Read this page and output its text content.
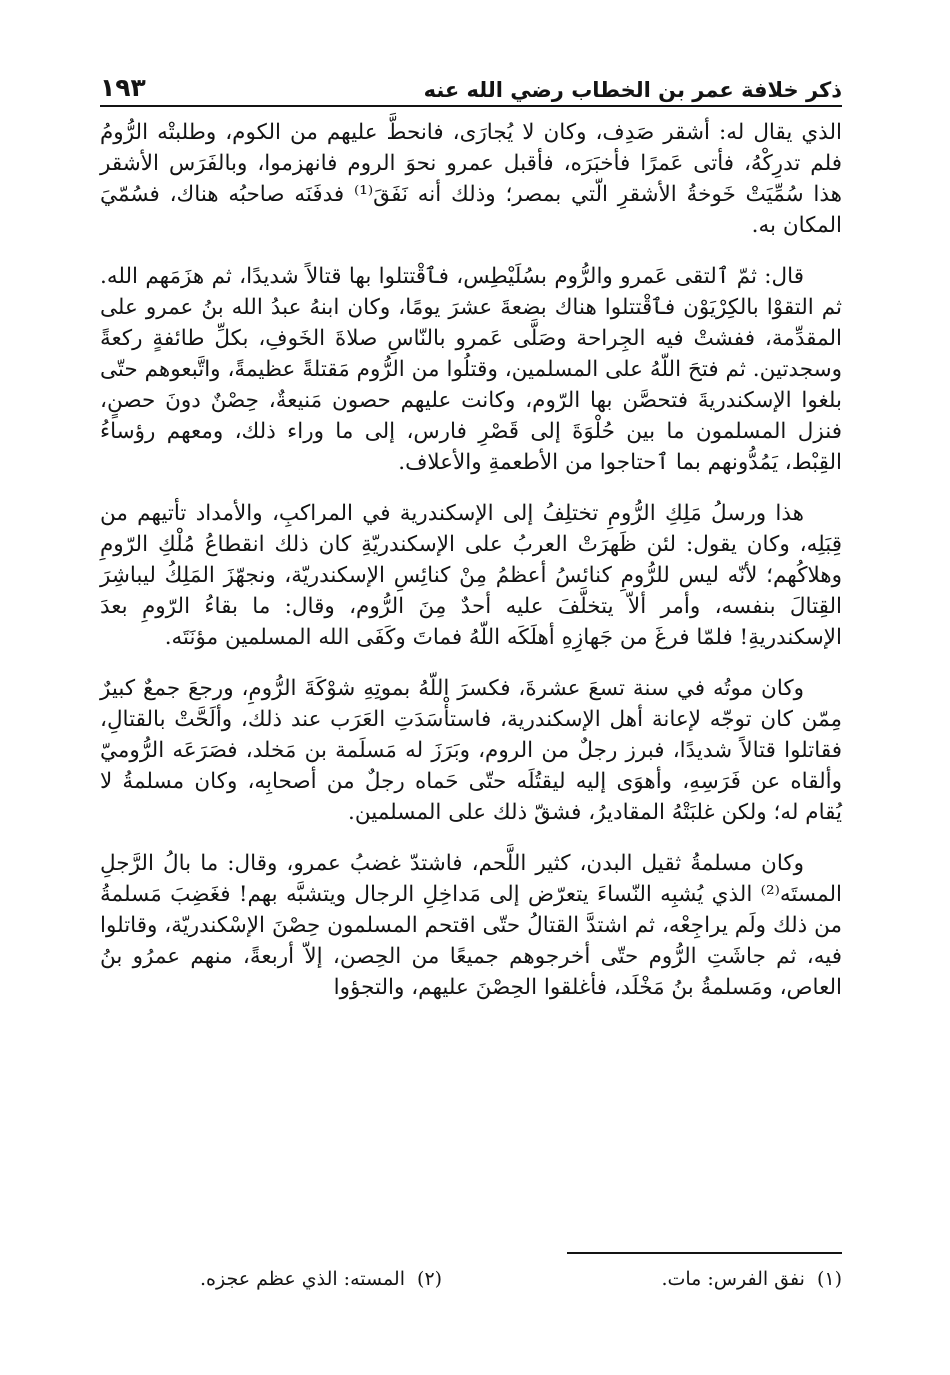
ذكر خلافة عمر بن الخطاب رضي الله عنه
١٩٣

الذي يقال له: أشقر صَدِف، وكان لا يُجارَى، فانحطَّ عليهم من الكوم، وطلبتْه الرُّومُ فلم تدرِكْهُ، فأتى عَمرًا فأخبَرَه، فأقبل عمرو نحوَ الروم فانهزموا، وبالفَرَس الأشقر هذا سُمِّيَتْ خَوخةُ الأشقرِ الّتي بمصر؛ وذلك أنه نَفَقَ⁽¹⁾ فدفَنَه صاحبُه هناك، فسُمّيَ المكان به.

قال: ثمّ ٱلتقى عَمرو والرُّوم بسُلَيْطِس، فٱقْتتلوا بها قتالاً شديدًا، ثم هزَمَهم الله. ثم التقوْا بالكِرْيَوْن فٱقْتتلوا هناك بضعةَ عشرَ يومًا، وكان ابنهُ عبدُ الله بنُ عمرو على المقدِّمة، ففشتْ فيه الجِراحة وصَلَّى عَمرو بالنّاسِ صلاةَ الخَوفِ، بكلِّ طائفةٍ ركعةً وسجدتين. ثم فتحَ اللّهُ على المسلمين، وقتلُوا من الرُّوم مَقتلةً عظيمةً، واتَّبعوهم حتّى بلغوا الإسكندريةَ فتحصَّن بها الرّوم، وكانت عليهم حصون مَنيعةٌ، حِصْنٌ دونَ حصنٍ، فنزل المسلمون ما بين حُلْوَةَ إلى قَصْرِ فارس، إلى ما وراء ذلك، ومعهم رؤساءُ القِبْط، يَمُدُّونهم بما ٱحتاجوا من الأطعمةِ والأعلاف.

هذا ورسلُ مَلِكِ الرُّومِ تختلِفُ إلى الإسكندرية في المراكبِ، والأمداد تأتيهم من قِبَلِه، وكان يقول: لئن ظَهرَتْ العربُ على الإسكندريّةِ كان ذلك انقطاعُ مُلْكِ الرّومِ وهلاكُهم؛ لأنّه ليس للرُّومِ كنائسُ أعظمُ مِنْ كنائِسِ الإسكندريّة، ونجهّزَ المَلِكُ ليباشِرَ القِتالَ بنفسه، وأمر ألاّ يتخلَّفَ عليه أحدٌ مِنَ الرُّوم، وقال: ما بقاءُ الرّومِ بعدَ الإسكندريةِ! فلمّا فرغَ من جَهازِهِ أهلَكَه اللّهُ فماتَ وكَفَى الله المسلمين مؤنَتَه.

وكان موتُه في سنة تسعَ عشرةَ، فكسرَ اللّهُ بموتِهِ شوْكَةَ الرُّومِ، ورجعَ جمعٌ كبيرٌ مِمّن كان توجّه لإعانة أهل الإسكندرية، فاستأْسَدَتِ العَرَب عند ذلك، وألَحَّتْ بالقتالِ، فقاتلوا قتالاً شديدًا، فبرز رجلٌ من الروم، وبَرَزَ له مَسلَمة بن مَخلد، فصَرَعَه الرُّوميّ وألقاه عن فَرَسِهِ، وأهوَى إليه ليقتُلَه حتّى حَماه رجلٌ من أصحابِه، وكان مسلمةُ لا يُقام له؛ ولكن غلبَتْهُ المقاديرُ، فشقّ ذلك على المسلمين.

وكان مسلمةُ ثقيل البدن، كثير اللَّحم، فاشتدّ غضبُ عمرو، وقال: ما بالُ الرَّجلِ المستَه⁽²⁾ الذي يُشبِه النّساءَ يتعرّض إلى مَداخِلِ الرجال ويتشبَّه بهم! فغَضِبَ مَسلمةُ من ذلك ولَم يراجِعْه، ثم اشتدَّ القتالُ حتّى اقتحم المسلمون حِصْنَ الإسْكندريّة، وقاتلوا فيه، ثم جاشَتِ الرُّوم حتّى أخرجوهم جميعًا من الحِصن، إلاّ أربعةً، منهم عمرُو بنُ العاص، ومَسلمةُ بنُ مَخْلَد، فأغلقوا الحِصْنَ عليهم، والتجؤوا

(١)نفق الفرس: مات.
(٢)المسته: الذي عظم عجزه.
